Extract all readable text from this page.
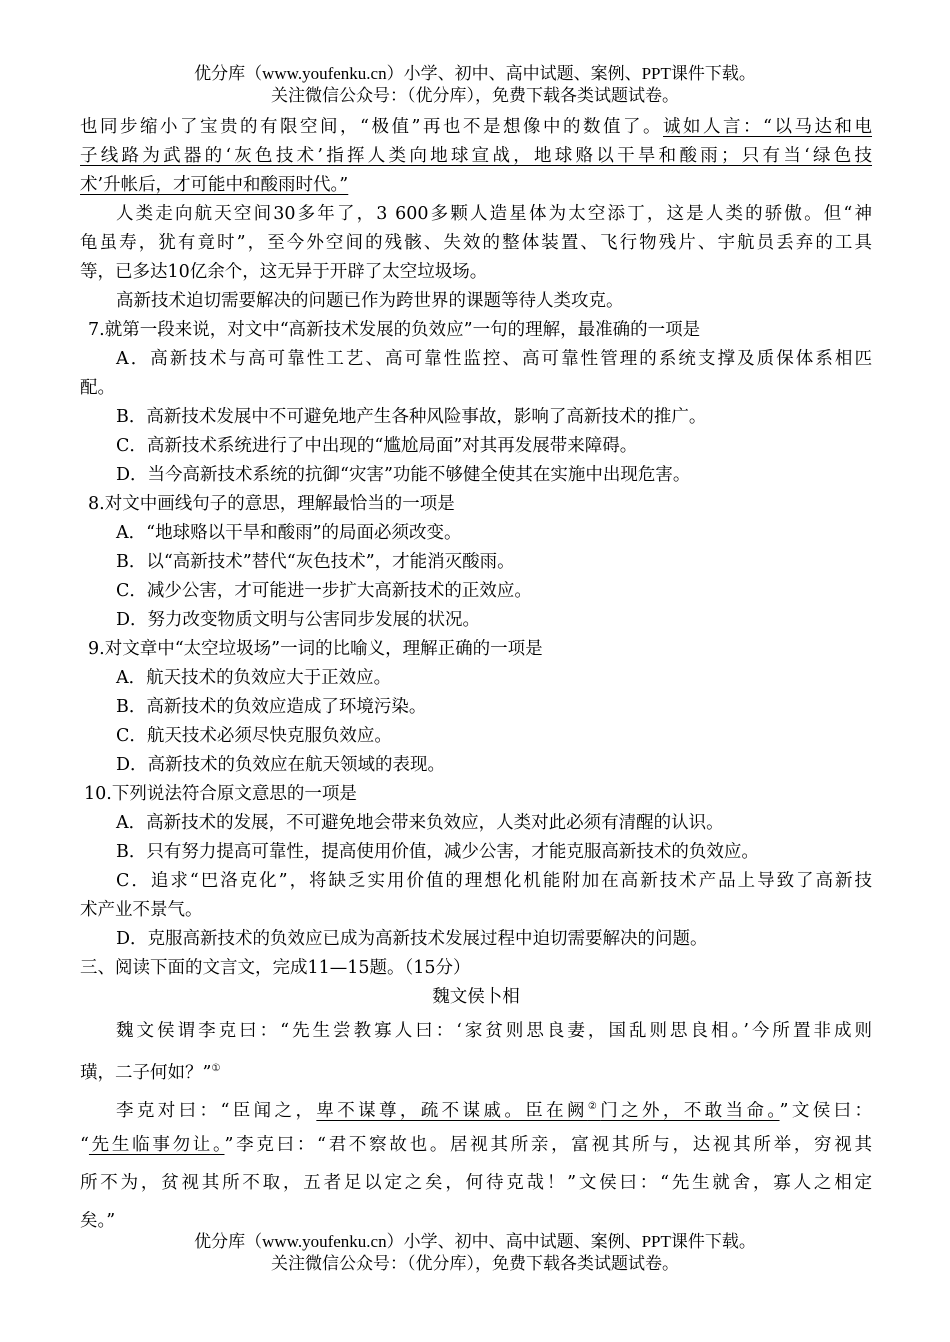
优分库（www.youfenku.cn）小学、初中、高中试题、案例、PPT课件下载。
关注微信公众号：（优分库），免费下载各类试题试卷。

也同步缩小了宝贵的有限空间，“极值”再也不是想像中的数值了。诚如人言：“以马达和电

子线路为武器的‘灰色技术’指挥人类向地球宣战，地球赂以干旱和酸雨；只有当‘绿色技

术’升帐后，才可能中和酸雨时代。”

人类走向航天空间30多年了，3 600多颗人造星体为太空添丁，这是人类的骄傲。但“神

龟虽寿，犹有竟时”，至今外空间的残骸、失效的整体装置、飞行物残片、宇航员丢弃的工具

等，已多达10亿余个，这无异于开辟了太空垃圾场。

高新技术迫切需要解决的问题已作为跨世界的课题等待人类攻克。

7.就第一段来说，对文中“高新技术发展的负效应”一句的理解，最准确的一项是

A．高新技术与高可靠性工艺、高可靠性监控、高可靠性管理的系统支撑及质保体系相匹

配。

B．高新技术发展中不可避免地产生各种风险事故，影响了高新技术的推广。

C．高新技术系统进行了中出现的“尴尬局面”对其再发展带来障碍。

D．当今高新技术系统的抗御“灾害”功能不够健全使其在实施中出现危害。

8.对文中画线句子的意思，理解最恰当的一项是

A．“地球赂以干旱和酸雨”的局面必须改变。

B．以“高新技术”替代“灰色技术”，才能消灭酸雨。

C．减少公害，才可能进一步扩大高新技术的正效应。

D．努力改变物质文明与公害同步发展的状况。

9.对文章中“太空垃圾场”一词的比喻义，理解正确的一项是

A．航天技术的负效应大于正效应。

B．高新技术的负效应造成了环境污染。

C．航天技术必须尽快克服负效应。

D．高新技术的负效应在航天领域的表现。

10.下列说法符合原文意思的一项是

A．高新技术的发展，不可避免地会带来负效应，人类对此必须有清醒的认识。

B．只有努力提高可靠性，提高使用价值，减少公害，才能克服高新技术的负效应。

C．追求“巴洛克化”，将缺乏实用价值的理想化机能附加在高新技术产品上导致了高新技

术产业不景气。

D．克服高新技术的负效应已成为高新技术发展过程中迫切需要解决的问题。

三、阅读下面的文言文，完成11—15题。（15分）

魏文侯卜相

魏文侯谓李克曰：“先生尝教寡人曰：‘家贫则思良妻，国乱则思良相。’今所置非成则

璜，二子何如？”①

李克对曰：“臣闻之，卑不谋尊，疏不谋戚。臣在阙②门之外，不敢当命。”文侯曰：

“先生临事勿让。”李克曰：“君不察故也。居视其所亲，富视其所与，达视其所举，穷视其

所不为，贫视其所不取，五者足以定之矣，何待克哉！”文侯曰：“先生就舍，寡人之相定

矣。”

优分库（www.youfenku.cn）小学、初中、高中试题、案例、PPT课件下载。
关注微信公众号：（优分库），免费下载各类试题试卷。
